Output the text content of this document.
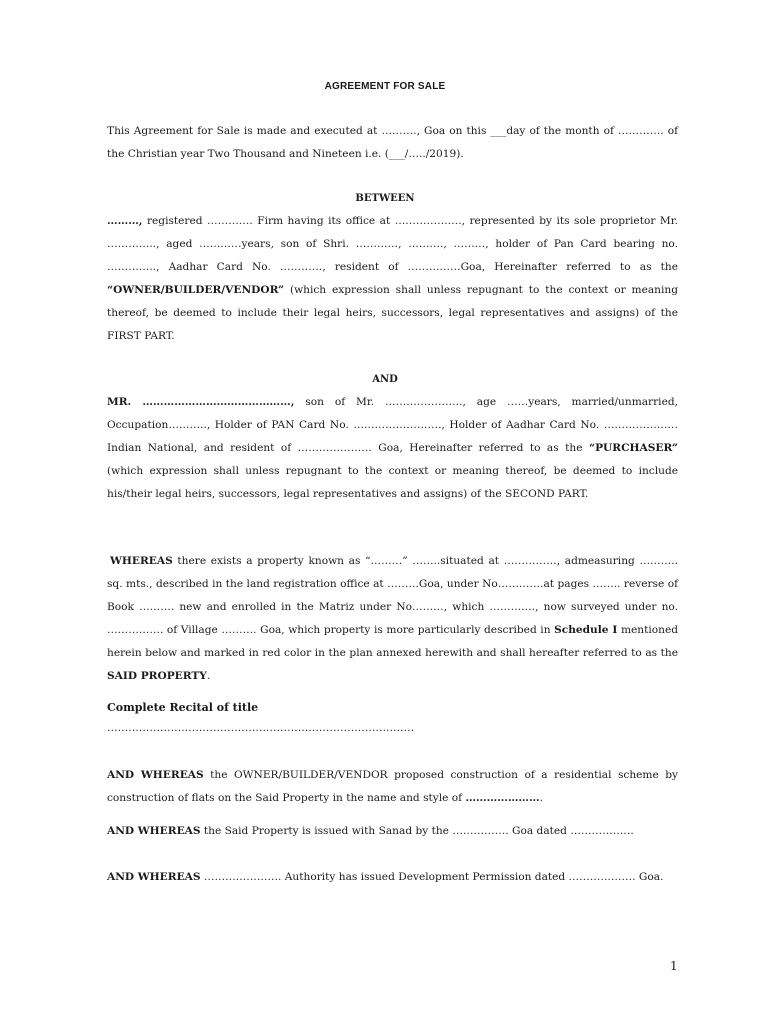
AGREEMENT FOR SALE

This Agreement for Sale is made and executed at ………., Goa on this ___day of the month of …………. of the Christian year Two Thousand and Nineteen i.e. (___/…../2019).

BETWEEN

………, registered …………. Firm having its office at ………………., represented by its sole proprietor Mr. ………….., aged …………years, son of Shri. …………, ………., ………, holder of Pan Card bearing no. ………….., Aadhar Card No. …………, resident of ……………Goa, Hereinafter referred to as the “OWNER/BUILDER/VENDOR” (which expression shall unless repugnant to the context or meaning thereof, be deemed to include their legal heirs, successors, legal representatives and assigns) of the FIRST PART.

AND

MR. ……………………………………, son of Mr. …………………., age ……years, married/unmarried, Occupation……….., Holder of PAN Card No. ……………………., Holder of Aadhar Card No. ………………… Indian National, and resident of ………………… Goa, Hereinafter referred to as the “PURCHASER” (which expression shall unless repugnant to the context or meaning thereof, be deemed to include his/their legal heirs, successors, legal representatives and assigns) of the SECOND PART.

WHEREAS there exists a property known as “………” ……..situated at ……………, admeasuring ……….. sq. mts., described in the land registration office at ………Goa, under No………….at pages …….. reverse of Book ………. new and enrolled in the Matriz under No………, which …………., now surveyed under no. ……………. of Village ………. Goa, which property is more particularly described in Schedule I mentioned herein below and marked in red color in the plan annexed herewith and shall hereafter referred to as the SAID PROPERTY.

Complete Recital of title
……………………………………………………………………………

AND WHEREAS the OWNER/BUILDER/VENDOR proposed construction of a residential scheme by construction of flats on the Said Property in the name and style of ………………….

AND WHEREAS the Said Property is issued with Sanad by the ……………. Goa dated ………………

AND WHEREAS …………………. Authority has issued Development Permission dated ………………. Goa.

1
